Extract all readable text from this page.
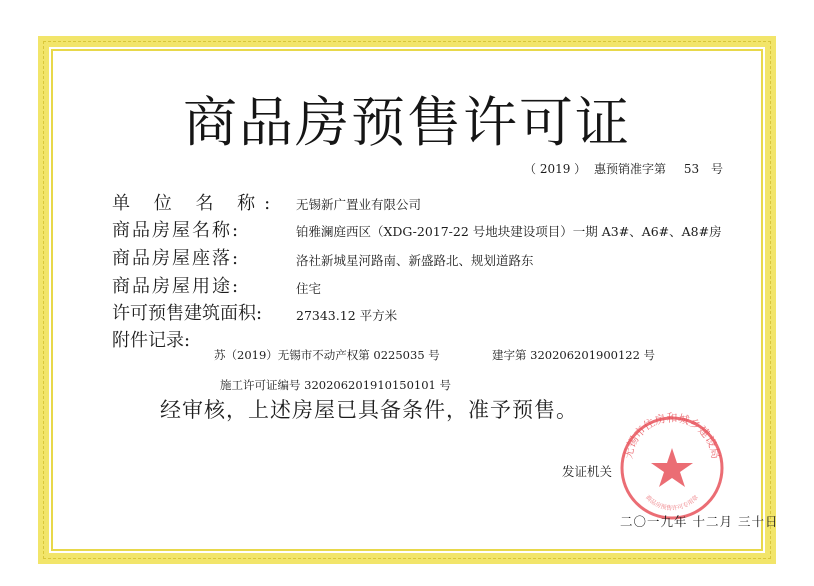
商品房预售许可证
（ 2019 ） 惠预销准字第 53 号
单 位 名 称: 无锡新广置业有限公司
商品房屋名称:	铂雅澜庭西区（XDG-2017-22 号地块建设项目）一期 A3#、A6#、A8#房
商品房屋座落:	洛社新城星河路南、新盛路北、规划道路东
商品房屋用途:	住宅
许可预售建筑面积:	27343.12 平方米
附件记录:
苏（2019）无锡市不动产权第 0225035 号	建字第 320206201900122 号
施工许可证编号 320206201910150101 号
经审核，上述房屋已具备条件，准予预售。
发证机关
无锡市住房和城乡建设局
商品房预售许可专用章
二〇一九年 十二月 三十日
